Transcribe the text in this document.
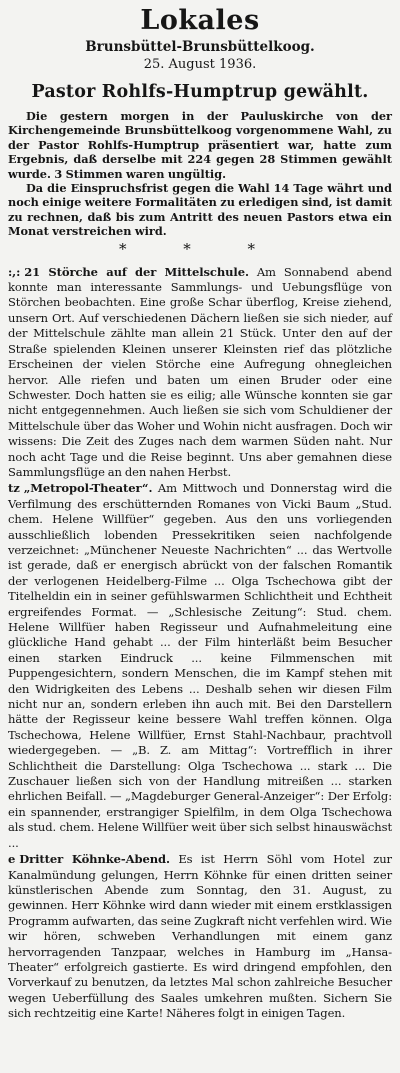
Lokales
Brunsbüttel-Brunsbüttelkoog.
25. August 1936.
Pastor Rohlfs-Humptrup gewählt.

Die gestern morgen in der Pauluskirche von der Kirchengemeinde Brunsbüttelkoog vorgenommene Wahl, zu der Pastor Rohlfs-Humptrup präsentiert war, hatte zum Ergebnis, daß derselbe mit 224 gegen 28 Stimmen gewählt wurde. 3 Stimmen waren ungültig.

Da die Einspruchsfrist gegen die Wahl 14 Tage währt und noch einige weitere Formalitäten zu erledigen sind, ist damit zu rechnen, daß bis zum Antritt des neuen Pastors etwa ein Monat verstreichen wird.

* * *

:,: 21 Störche auf der Mittelschule. Am Sonnabend abend konnte man interessante Sammlungs- und Uebungsflüge von Störchen beobachten. Eine große Schar überflog, Kreise ziehend, unsern Ort. Auf verschiedenen Dächern ließen sie sich nieder, auf der Mittelschule zählte man allein 21 Stück. Unter den auf der Straße spielenden Kleinen unserer Kleinsten rief das plötzliche Erscheinen der vielen Störche eine Aufregung ohnegleichen hervor. Alle riefen und baten um einen Bruder oder eine Schwester. Doch hatten sie es eilig; alle Wünsche konnten sie gar nicht entgegennehmen. Auch ließen sie sich vom Schuldiener der Mittelschule über das Woher und Wohin nicht ausfragen. Doch wir wissens: Die Zeit des Zuges nach dem warmen Süden naht. Nur noch acht Tage und die Reise beginnt. Uns aber gemahnen diese Sammlungsflüge an den nahen Herbst.

tz „Metropol-Theater“. Am Mittwoch und Donnerstag wird die Verfilmung des erschütternden Romanes von Vicki Baum „Stud. chem. Helene Willfüer“ gegeben. Aus den uns vorliegenden ausschließlich lobenden Pressekritiken seien nachfolgende verzeichnet: „Münchener Neueste Nachrichten“ ... das Wertvolle ist gerade, daß er energisch abrückt von der falschen Romantik der verlogenen Heidelberg-Filme ... Olga Tschechowa gibt der Titelheldin ein in seiner gefühlswarmen Schlichtheit und Echtheit ergreifendes Format. — „Schlesische Zeitung“: Stud. chem. Helene Willfüer haben Regisseur und Aufnahmeleitung eine glückliche Hand gehabt ... der Film hinterläßt beim Besucher einen starken Eindruck ... keine Filmmenschen mit Puppengesichtern, sondern Menschen, die im Kampf stehen mit den Widrigkeiten des Lebens ... Deshalb sehen wir diesen Film nicht nur an, sondern erleben ihn auch mit. Bei den Darstellern hätte der Regisseur keine bessere Wahl treffen können. Olga Tschechowa, Helene Willfüer, Ernst Stahl-Nachbaur, prachtvoll wiedergegeben. — „B. Z. am Mittag“: Vortrefflich in ihrer Schlichtheit die Darstellung: Olga Tschechowa ... stark ... Die Zuschauer ließen sich von der Handlung mitreißen ... starken ehrlichen Beifall. — „Magdeburger General-Anzeiger“: Der Erfolg: ein spannender, erstrangiger Spielfilm, in dem Olga Tschechowa als stud. chem. Helene Willfüer weit über sich selbst hinauswächst ...

e Dritter Köhnke-Abend. Es ist Herrn Söhl vom Hotel zur Kanalmündung gelungen, Herrn Köhnke für einen dritten seiner künstlerischen Abende zum Sonntag, den 31. August, zu gewinnen. Herr Köhnke wird dann wieder mit einem erstklassigen Programm aufwarten, das seine Zugkraft nicht verfehlen wird. Wie wir hören, schweben Verhandlungen mit einem ganz hervorragenden Tanzpaar, welches in Hamburg im „Hansa-Theater“ erfolgreich gastierte. Es wird dringend empfohlen, den Vorverkauf zu benutzen, da letztes Mal schon zahlreiche Besucher wegen Ueberfüllung des Saales umkehren mußten. Sichern Sie sich rechtzeitig eine Karte! Näheres folgt in einigen Tagen.
